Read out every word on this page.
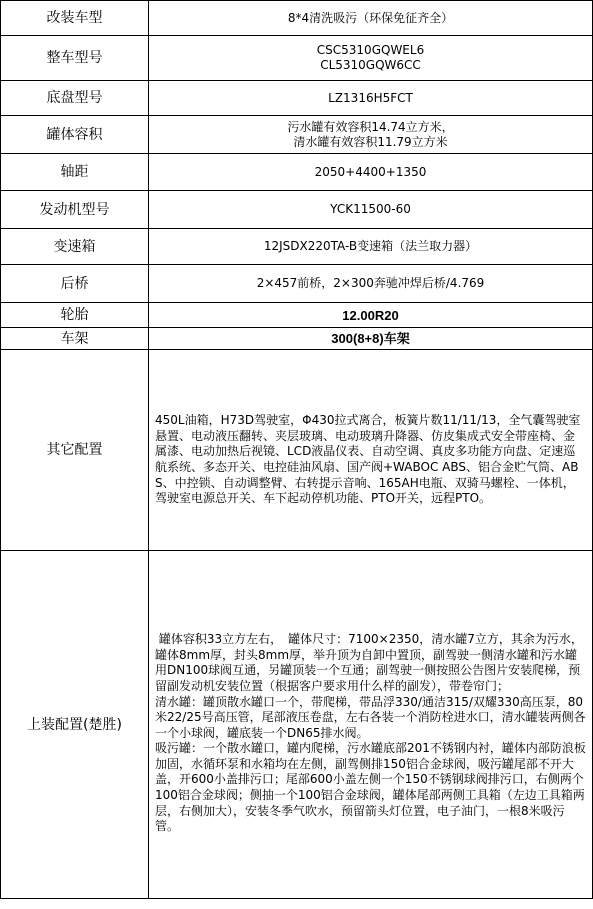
改装车型	8*4清洗吸污（环保免征齐全）
整车型号	CSC5310GQWEL6
CL5310GQW6CC

底盘型号	LZ1316H5FCT
罐体容积	污水罐有效容积14.74立方米，
清水罐有效容积11.79立方米

轴距	2050+4400+1350
发动机型号	YCK11500-60
变速箱	12JSDX220TA-B变速箱（法兰取力器）
后桥	2×457前桥，2×300奔驰冲焊后桥/4.769
轮胎	12.00R20
车架	300(8+8)车架
其它配置	450L油箱，H73D驾驶室，Φ430拉式离合，板簧片数11/11/13，全气囊驾驶室悬置、电动液压翻转、夹层玻璃、电动玻璃升降器、仿皮集成式安全带座椅、金属漆、电动加热后视镜、LCD液晶仪表、自动空调、真皮多功能方向盘、定速巡航系统、多态开关、电控硅油风扇、国产阀+WABOC ABS、铝合金贮气筒、ABS、中控锁、自动调整臂、右转提示音响、165AH电瓶、双骑马螺栓、一体机，驾驶室电源总开关、车下起动停机功能、PTO开关，远程PTO。

上装配置(楚胜)	罐体容积33立方左右，　罐体尺寸：7100×2350，清水罐7立方，其余为污水，罐体8mm厚，封头8mm厚，举升顶为自卸中置顶，副驾驶一侧清水罐和污水罐用DN100球阀互通，另罐顶装一个互通；副驾驶一侧按照公告图片安装爬梯，预留副发动机安装位置（根据客户要求用什么样的副发），带卷帘门；
清水罐：罐顶散水罐口一个，带爬梯，带品浮330/通洁315/双耀330高压泵，80米22/25号高压管，尾部液压卷盘，左右各装一个消防栓进水口，清水罐装两侧各一个小球阀，罐底装一个DN65排水阀。
吸污罐：一个散水罐口，罐内爬梯，污水罐底部201不锈钢内衬，罐体内部防浪板加固，水循环泵和水箱均在左侧，副驾侧排150铝合金球阀，吸污罐尾部不开大盖，开600小盖排污口；尾部600小盖左侧一个150不锈钢球阀排污口，右侧两个100铝合金球阀；侧抽一个100铝合金球阀，罐体尾部两侧工具箱（左边工具箱两层，右侧加大），安装冬季气吹水，预留箭头灯位置，电子油门，一根8米吸污管。
